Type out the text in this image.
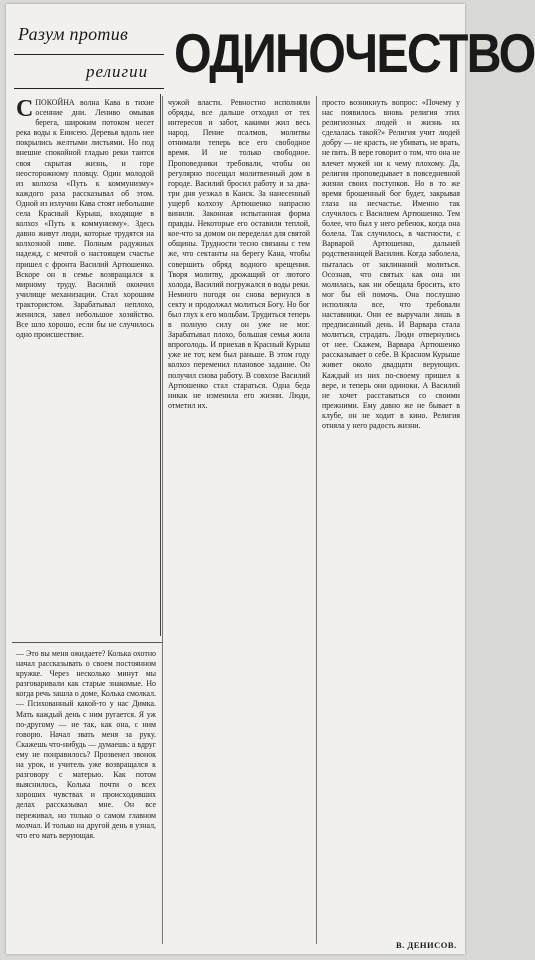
Разум против
религии ОДИНОЧЕСТВО
СПОКОЙНА волна Кава в тихие осенние дни. Лениво омывая берега, широким потоком несет река воды к Енисею. Деревья вдоль нее покрылись желтыми листьями. Но под внешне спокойной гладью реки таится своя скрытая жизнь, и горе неосторожному пловцу. Один молодой из колхоза «Путь к коммунизму» каждого раза рассказывал об этом. Одной из излучин Кава стоят небольшие села Красный Курыш, входящие в колхоз «Путь к коммунизму». Здесь давно живут люди, которые трудятся на колхозной ниве. Полным радужных надежд, с мечтой о настоящем счастье пришел с фронта Василий Артюшенко. Вскоре он в семье возвращался к мирному труду. Василий окончил училище механизации. Стал хорошим трактористом. Зарабатывал неплохо, женился, завел небольшое хозяйство. Все шло хорошо, если бы не случилось одно происшествие.
чужой власти. Ревностно исполняли обряды, все дальше отходил от тех интересов и забот, какими жил весь народ. Пение псалмов, молитвы отнимали теперь все его свободное время. И не только свободное. Проповедники требовали, чтобы он регулярно посещал молитвенный дом в городе. Василий бросил работу и за два-три дня уезжал в Канск. За нанесенный ущерб колхозу Артюшенко напрасно винили. Законная испытанная форма правды. Некоторые его оставили теплой, кое-что за домом он переделал для святой общины. Трудности тесно связаны с тем же, что сектанты на берегу Кана, чтобы совершить обряд водного крещения. Творя молитву, дрожащий от лютого холода, Василий погружался в воды реки. Немного погодя он снова вернулся в секту и продолжал молиться Богу. Но бог был глух к его мольбам. Трудиться теперь в полную силу он уже не мог. Зарабатывал плохо, большая семья жила впроголодь. И приехав в Красный Курыш уже не тот, кем был раньше. В этом году колхоз переменил плановое задание. Он получил снова работу. В совхозе Василий Артюшенко стал стараться. Одна беда никак не изменила его жизни. Люди, отметил их.
просто возникнуть вопрос: «Почему у нас появилось вновь религия этих религиозных людей и жизнь их сделалась такой?» Религия учит людей добру — не красть, не убивать, не врать, не пить. В вере говорит о том, что она не влечет мужей ни к чему плохому. Да, религия проповедывает в повседневной жизни своих поступков. Но в то же время брошенный бог будет, закрывая глаза на несчастье. Именно так случилось с Василием Артюшенко. Тем более, что был у него ребенок, когда она болела. Так случилось, в частности, с Варварой Артюшенко, дальней родственницей Василия. Когда заболела, пыталась от заклинаний молиться. Осознав, что святых как она ни молилась, как ни обещала бросить, кто мог бы ей помочь. Она послушно исполняла все, что требовали наставники. Они ее выручали лишь в предписанный день. И Варвара стала молиться, страдать. Люди отвернулись от нее. Скажем, Варвара Артюшенко рассказывает о себе. В Красном Курыше живет около двадцати верующих. Каждый из них по-своему пришел к вере, и теперь они одиноки. А Василий не хочет расставаться со своими прежними. Ему давно же не бывает в клубе, он не ходит в кино. Религия отняла у него радость жизни.
— Это вы меня ожидаете? Колька охотно начал рассказывать о своем постоянном кружке. Через несколько минут мы разговаривали как старые знакомые. Но когда речь зашла о доме, Колька смолкал. — Психованный какой-то у нас Димка. Мать каждый день с ним ругается. Я уж по-другому — не так, как она, с ним говорю. Начал звать меня за руку. Скажешь что-нибудь — думаешь: а вдруг ему не понравилось? Прозвенел звонок на урок, и учитель уже возвращался к разговору с матерью. Как потом выяснилось, Колька почти о всех хороших чувствах и происходивших делах рассказывал мне. Он все переживал, но только о самом главном молчал. И только на другой день я узнал, что его мать верующая.
В. ДЕНИСОВ.
